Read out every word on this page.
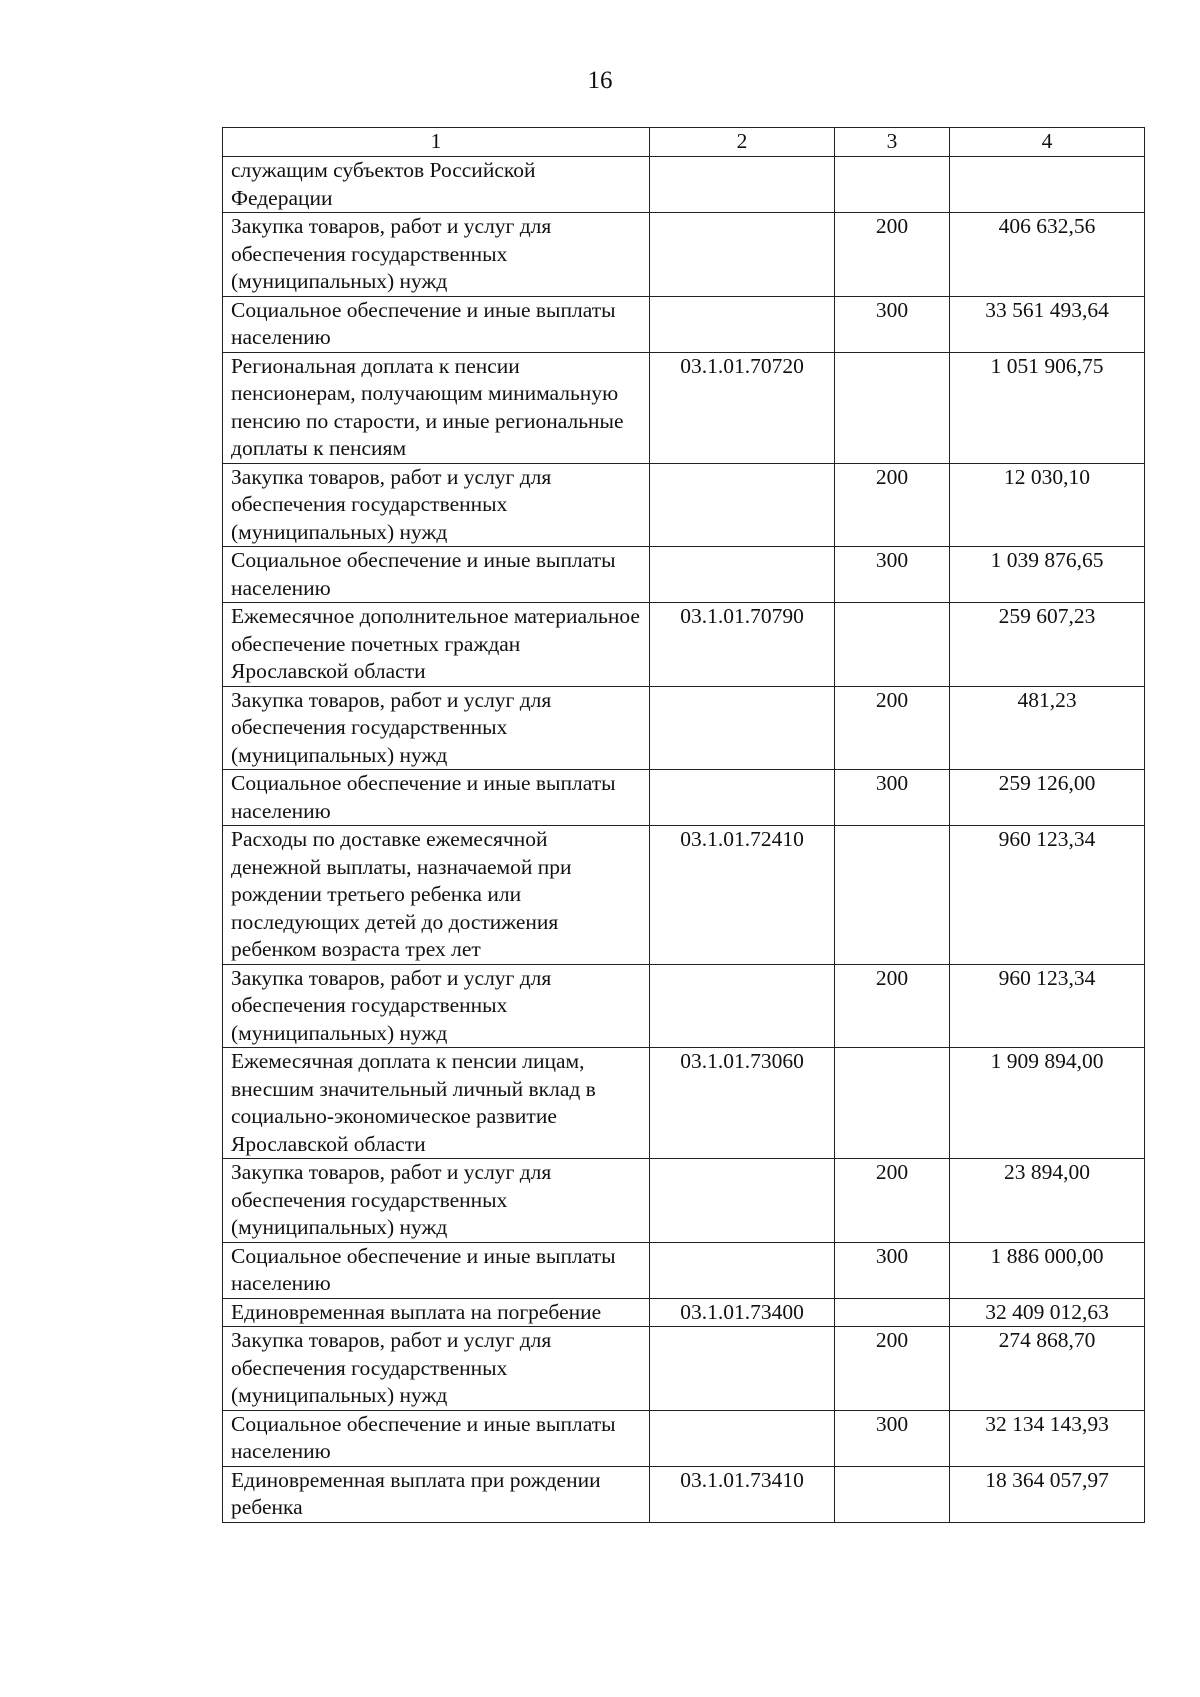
16
1	2	3	4
служащим субъектов Российской Федерации			
Закупка товаров, работ и услуг для обеспечения государственных (муниципальных) нужд		200	406 632,56
Социальное обеспечение и иные выплаты населению		300	33 561 493,64
Региональная доплата к пенсии пенсионерам, получающим минимальную пенсию по старости, и иные региональные доплаты к пенсиям	03.1.01.70720		1 051 906,75
Закупка товаров, работ и услуг для обеспечения государственных (муниципальных) нужд		200	12 030,10
Социальное обеспечение и иные выплаты населению		300	1 039 876,65
Ежемесячное дополнительное материальное обеспечение почетных граждан Ярославской области	03.1.01.70790		259 607,23
Закупка товаров, работ и услуг для обеспечения государственных (муниципальных) нужд		200	481,23
Социальное обеспечение и иные выплаты населению		300	259 126,00
Расходы по доставке ежемесячной денежной выплаты, назначаемой при рождении третьего ребенка или последующих детей до достижения ребенком возраста трех лет	03.1.01.72410		960 123,34
Закупка товаров, работ и услуг для обеспечения государственных (муниципальных) нужд		200	960 123,34
Ежемесячная доплата к пенсии лицам, внесшим значительный личный вклад в социально-экономическое развитие Ярославской области	03.1.01.73060		1 909 894,00
Закупка товаров, работ и услуг для обеспечения государственных (муниципальных) нужд		200	23 894,00
Социальное обеспечение и иные выплаты населению		300	1 886 000,00
Единовременная выплата на погребение	03.1.01.73400		32 409 012,63
Закупка товаров, работ и услуг для обеспечения государственных (муниципальных) нужд		200	274 868,70
Социальное обеспечение и иные выплаты населению		300	32 134 143,93
Единовременная выплата при рождении ребенка	03.1.01.73410		18 364 057,97
